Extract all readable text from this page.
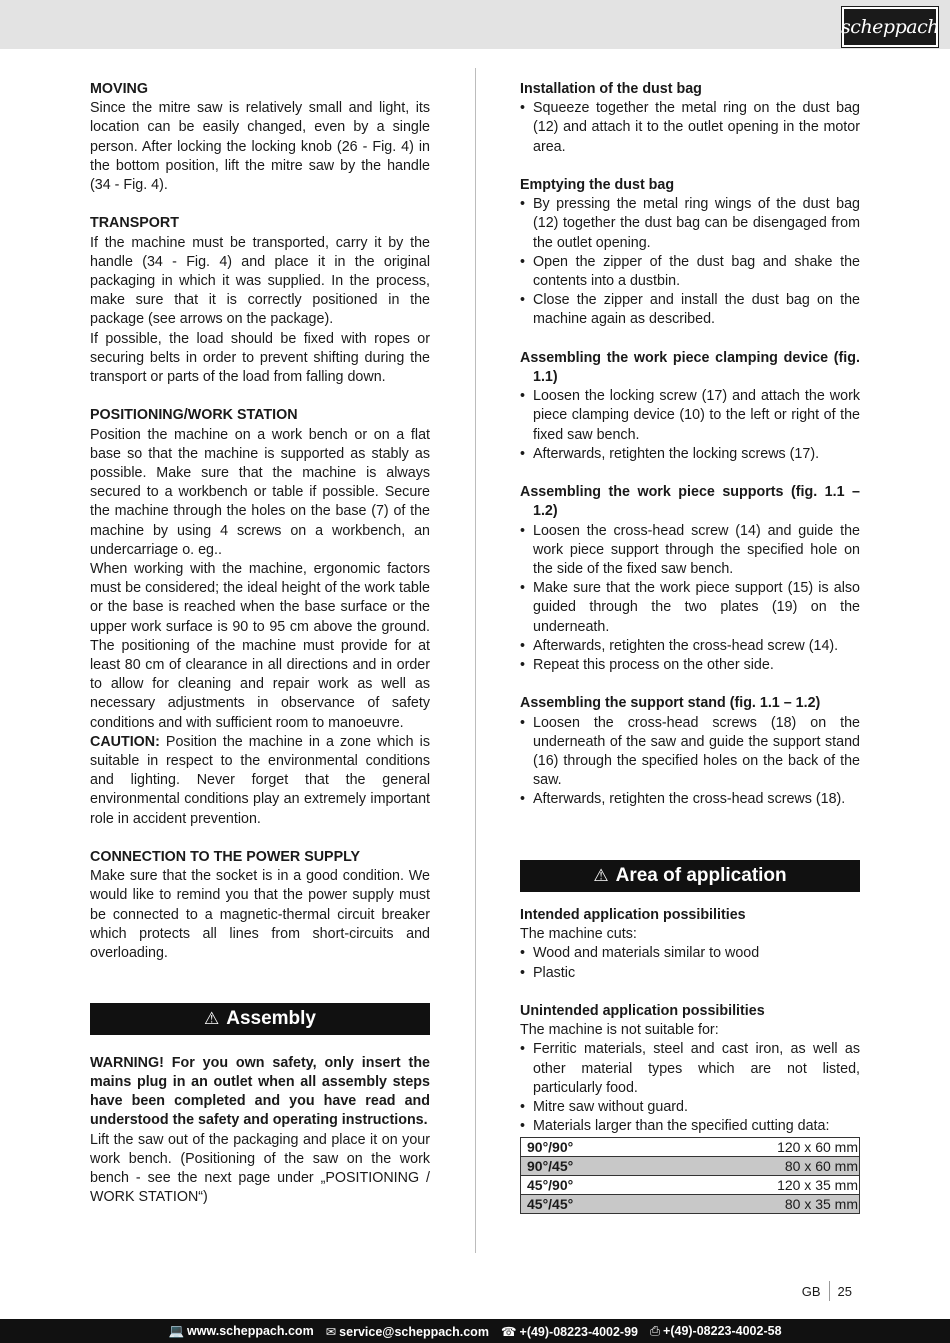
scheppach

MOVING

Since the mitre saw is relatively small and light, its location can be easily changed, even by a single person. After locking the locking knob (26 - Fig. 4) in the bottom position, lift the mitre saw by the handle (34 - Fig. 4).

TRANSPORT

If the machine must be transported, carry it by the handle (34 - Fig. 4) and place it in the original packaging in which it was supplied. In the process, make sure that it is correctly positioned in the package (see arrows on the package).

If possible, the load should be fixed with ropes or securing belts in order to prevent shifting during the transport or parts of the load from falling down.

POSITIONING/WORK STATION

Position the machine on a work bench or on a flat base so that the machine is supported as stably as possible. Make sure that the machine is always secured to a workbench or table if possible. Secure the machine through the holes on the base (7) of the machine by using 4 screws on a workbench, an undercarriage o. eg..

When working with the machine, ergonomic factors must be considered; the ideal height of the work table or the base is reached when the base surface or the upper work surface is 90 to 95 cm above the ground. The positioning of the machine must provide for at least 80 cm of clearance in all directions and in order to allow for cleaning and repair work as well as necessary adjustments in observance of safety conditions and with sufficient room to manoeuvre.

CAUTION: Position the machine in a zone which is suitable in respect to the environmental conditions and lighting. Never forget that the general environmental conditions play an extremely important role in accident prevention.

CONNECTION TO THE POWER SUPPLY

Make sure that the socket is in a good condition. We would like to remind you that the power supply must be connected to a magnetic-thermal circuit breaker which protects all lines from short-circuits and overloading.

⚠ Assembly

WARNING! For you own safety, only insert the mains plug in an outlet when all assembly steps have been completed and you have read and understood the safety and operating instructions.

Lift the saw out of the packaging and place it on your work bench. (Positioning of the saw on the work bench - see the next page under „POSITIONING / WORK STATION“)

Installation of the dust bag

• Squeeze together the metal ring on the dust bag (12) and attach it to the outlet opening in the motor area.

Emptying the dust bag

• By pressing the metal ring wings of the dust bag (12) together the dust bag can be disengaged from the outlet opening.
• Open the zipper of the dust bag and shake the contents into a dustbin.
• Close the zipper and install the dust bag on the machine again as described.

Assembling the work piece clamping device (fig. 1.1)

• Loosen the locking screw (17) and attach the work piece clamping device (10) to the left or right of the fixed saw bench.
• Afterwards, retighten the locking screws (17).

Assembling the work piece supports (fig. 1.1 – 1.2)

• Loosen the cross-head screw (14) and guide the work piece support through the specified hole on the side of the fixed saw bench.
• Make sure that the work piece support (15) is also guided through the two plates (19) on the underneath.
• Afterwards, retighten the cross-head screw (14).
• Repeat this process on the other side.

Assembling the support stand (fig. 1.1 – 1.2)

• Loosen the cross-head screws (18) on the underneath of the saw and guide the support stand (16) through the specified holes on the back of the saw.
• Afterwards, retighten the cross-head screws (18).
⚠ Area of application

Intended application possibilities

The machine cuts:

• Wood and materials similar to wood
• Plastic

Unintended application possibilities

The machine is not suitable for:

• Ferritic materials, steel and cast iron, as well as other material types which are not listed, particularly food.
• Mitre saw without guard.
• Materials larger than the specified cutting data:
90°/90°	120 x 60 mm
90°/45°	80 x 60 mm
45°/90°	120 x 35 mm
45°/45°	80 x 35 mm
GB 25
💻 www.scheppach.com ✉ service@scheppach.com ☎ +(49)-08223-4002-99 ⎙ +(49)-08223-4002-58
